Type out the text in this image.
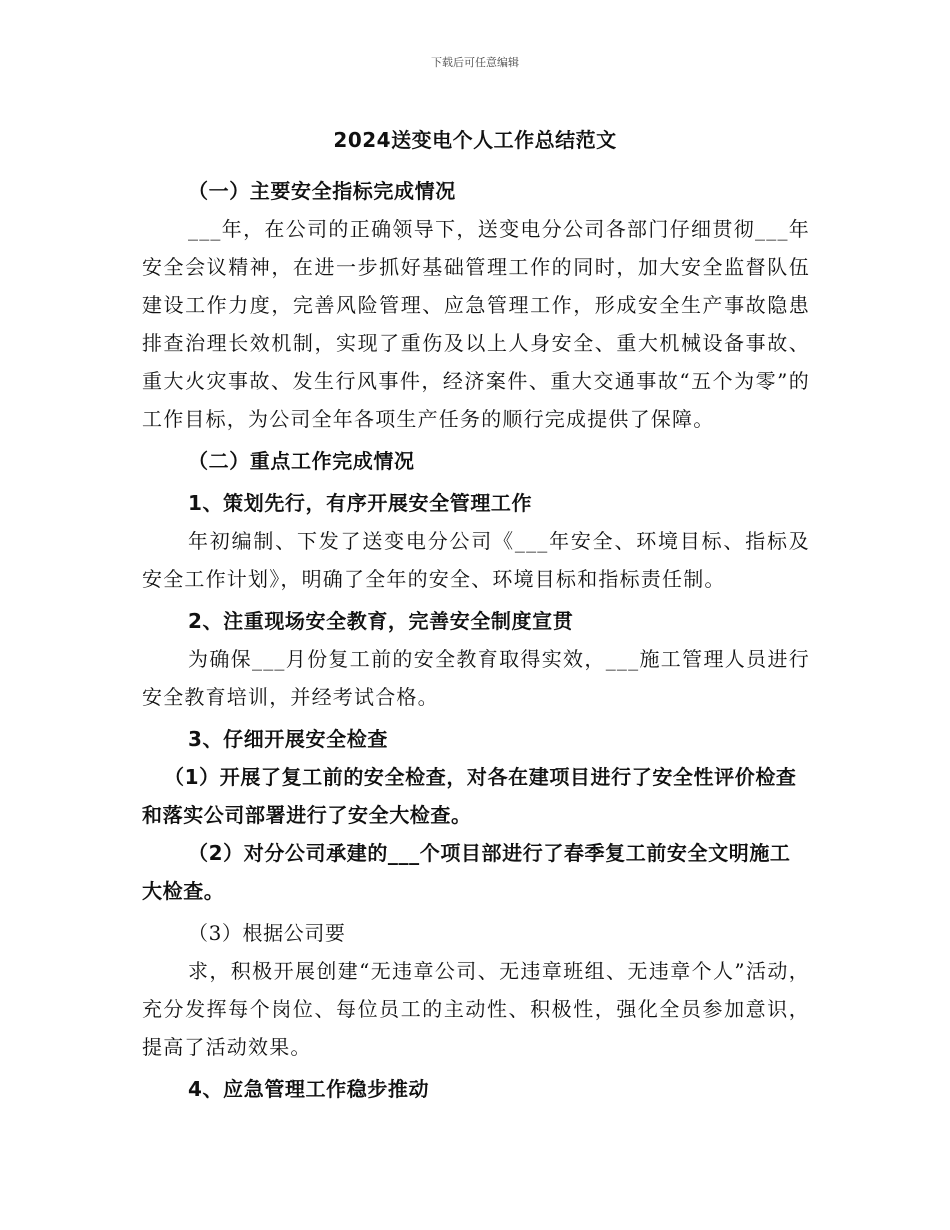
下载后可任意编辑
2024送变电个人工作总结范文

（一）主要安全指标完成情况

___年，在公司的正确领导下，送变电分公司各部门仔细贯彻___年安全会议精神，在进一步抓好基础管理工作的同时，加大安全监督队伍建设工作力度，完善风险管理、应急管理工作，形成安全生产事故隐患排查治理长效机制，实现了重伤及以上人身安全、重大机械设备事故、重大火灾事故、发生行风事件，经济案件、重大交通事故“五个为零”的工作目标，为公司全年各项生产任务的顺行完成提供了保障。

（二）重点工作完成情况

1、策划先行，有序开展安全管理工作

年初编制、下发了送变电分公司《___年安全、环境目标、指标及安全工作计划》，明确了全年的安全、环境目标和指标责任制。

2、注重现场安全教育，完善安全制度宣贯

为确保___月份复工前的安全教育取得实效，___施工管理人员进行安全教育培训，并经考试合格。

3、仔细开展安全检查

（1）开展了复工前的安全检查，对各在建项目进行了安全性评价检查和落实公司部署进行了安全大检查。

（2）对分公司承建的___个项目部进行了春季复工前安全文明施工大检查。

（3）根据公司要

求，积极开展创建“无违章公司、无违章班组、无违章个人”活动，充分发挥每个岗位、每位员工的主动性、积极性，强化全员参加意识，提高了活动效果。

4、应急管理工作稳步推动
